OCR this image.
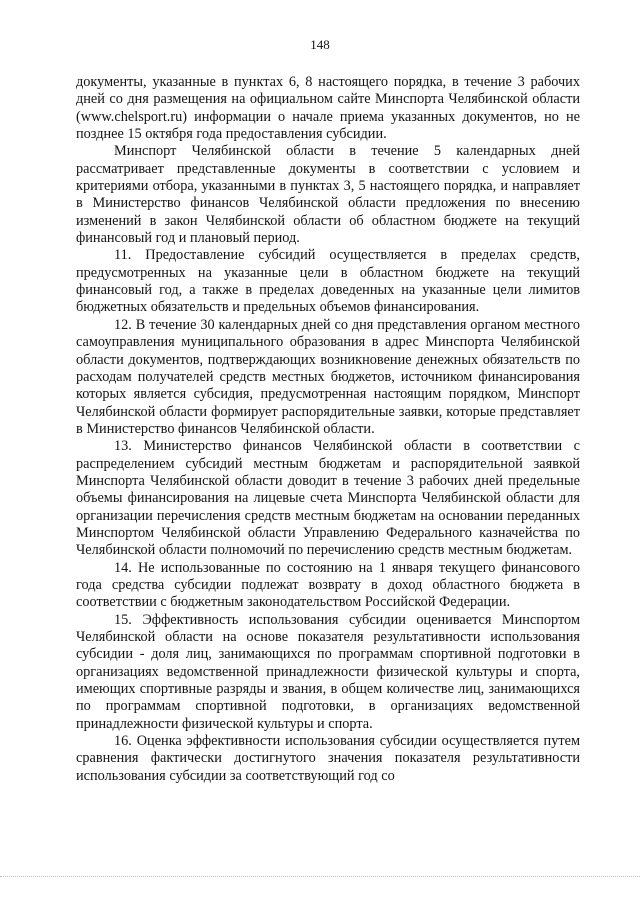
148

документы, указанные в пунктах 6, 8 настоящего порядка, в течение 3 рабочих дней со дня размещения на официальном сайте Минспорта Челябинской области (www.chelsport.ru) информации о начале приема указанных документов, но не позднее 15 октября года предоставления субсидии.

Минспорт Челябинской области в течение 5 календарных дней рассматривает представленные документы в соответствии с условием и критериями отбора, указанными в пунктах 3, 5 настоящего порядка, и направляет в Министерство финансов Челябинской области предложения по внесению изменений в закон Челябинской области об областном бюджете на текущий финансовый год и плановый период.

11. Предоставление субсидий осуществляется в пределах средств, предусмотренных на указанные цели в областном бюджете на текущий финансовый год, а также в пределах доведенных на указанные цели лимитов бюджетных обязательств и предельных объемов финансирования.

12. В течение 30 календарных дней со дня представления органом местного самоуправления муниципального образования в адрес Минспорта Челябинской области документов, подтверждающих возникновение денежных обязательств по расходам получателей средств местных бюджетов, источником финансирования которых является субсидия, предусмотренная настоящим порядком, Минспорт Челябинской области формирует распорядительные заявки, которые представляет в Министерство финансов Челябинской области.

13. Министерство финансов Челябинской области в соответствии с распределением субсидий местным бюджетам и распорядительной заявкой Минспорта Челябинской области доводит в течение 3 рабочих дней предельные объемы финансирования на лицевые счета Минспорта Челябинской области для организации перечисления средств местным бюджетам на основании переданных Минспортом Челябинской области Управлению Федерального казначейства по Челябинской области полномочий по перечислению средств местным бюджетам.

14. Не использованные по состоянию на 1 января текущего финансового года средства субсидии подлежат возврату в доход областного бюджета в соответствии с бюджетным законодательством Российской Федерации.

15. Эффективность использования субсидии оценивается Минспортом Челябинской области на основе показателя результативности использования субсидии - доля лиц, занимающихся по программам спортивной подготовки в организациях ведомственной принадлежности физической культуры и спорта, имеющих спортивные разряды и звания, в общем количестве лиц, занимающихся по программам спортивной подготовки, в организациях ведомственной принадлежности физической культуры и спорта.

16. Оценка эффективности использования субсидии осуществляется путем сравнения фактически достигнутого значения показателя результативности использования субсидии за соответствующий год со
